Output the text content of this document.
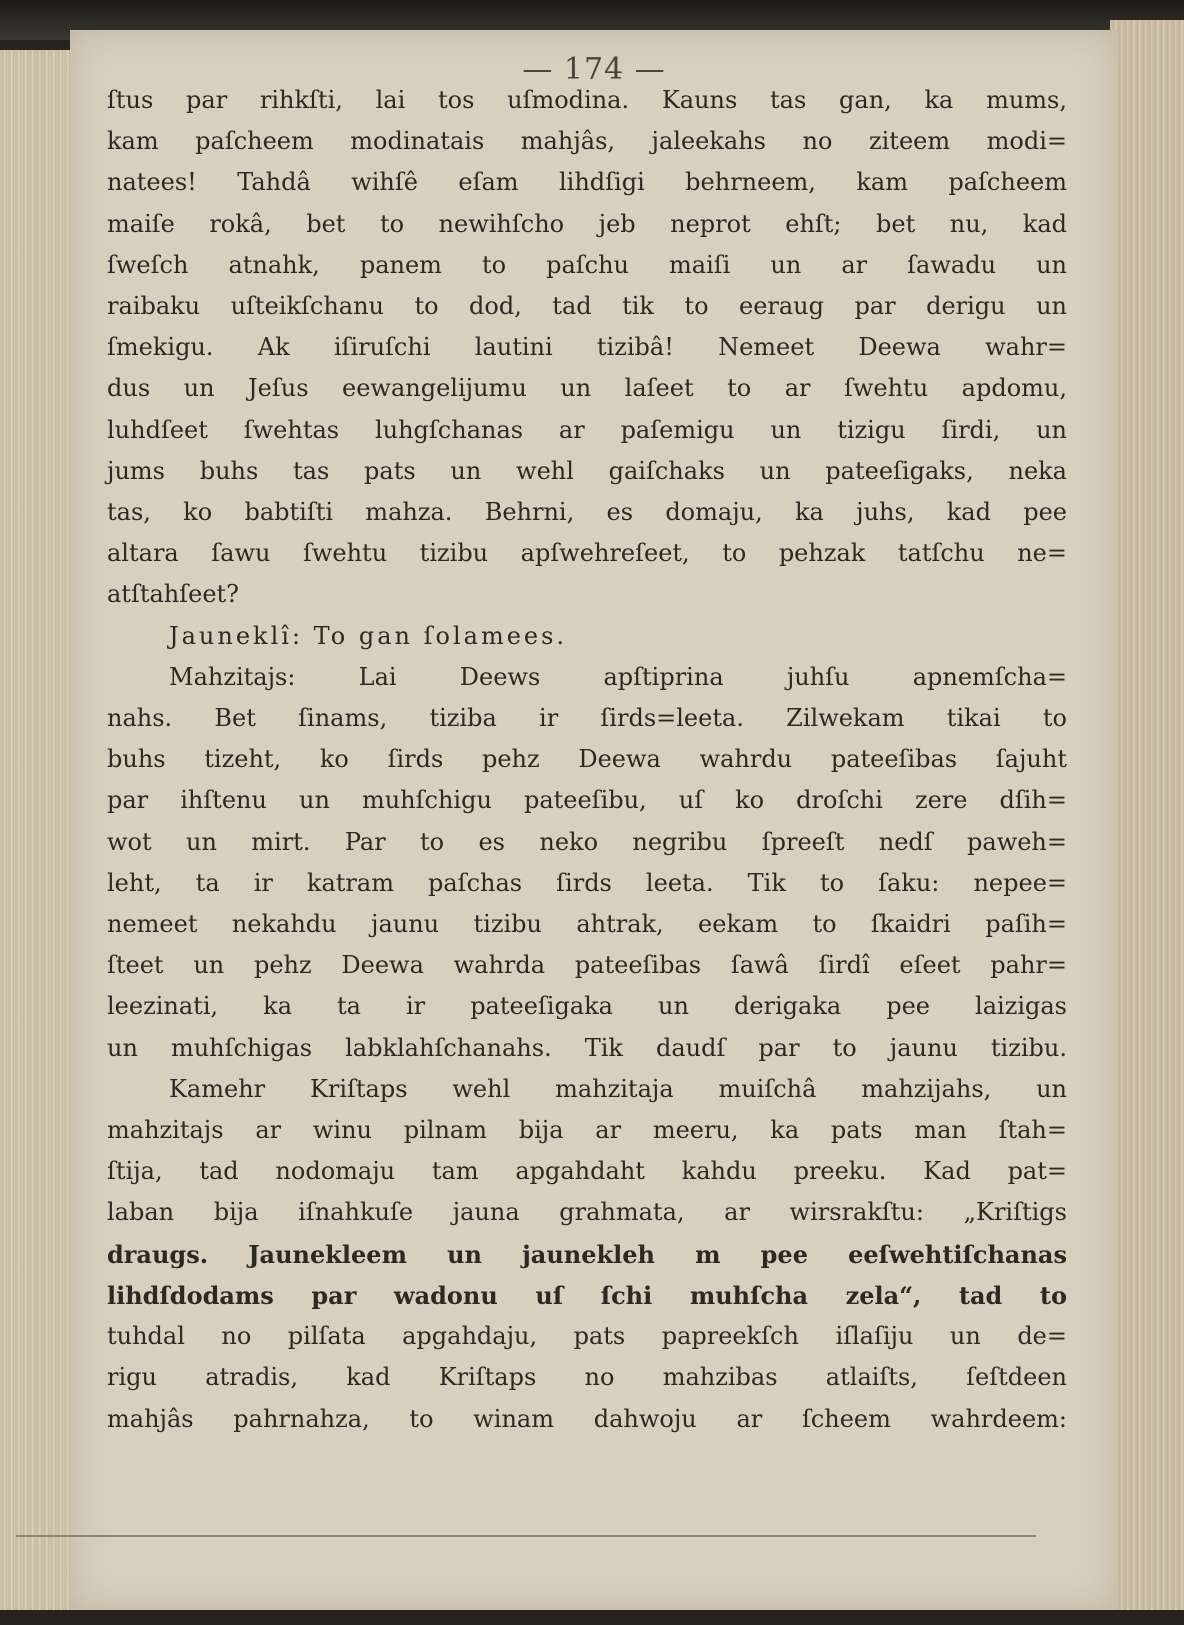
— 174 —
ſtus par rihkſti, lai tos uſmodina. Kauns tas gan, ka mums,
kam paſcheem modinatais mahjâs, jaleekahs no ziteem modi=
natees! Tahdâ wihſê eſam lihdſigi behrneem, kam paſcheem
maiſe rokâ, bet to newihſcho jeb neprot ehſt; bet nu, kad
ſweſch atnahk, panem to paſchu maiſi un ar ſawadu un
raibaku uſteikſchanu to dod, tad tik to eeraug par derigu un
ſmekigu. Ak iſiruſchi lautini tizibâ! Nemeet Deewa wahr=
dus un Jeſus eewangelijumu un laſeet to ar ſwehtu apdomu,
luhdſeet ſwehtas luhgſchanas ar paſemigu un tizigu ſirdi, un
jums buhs tas pats un wehl gaiſchaks un pateeſigaks, neka
tas, ko babtiſti mahza. Behrni, es domaju, ka juhs, kad pee
altara ſawu ſwehtu tizibu apſwehreſeet, to pehzak tatſchu ne=
atſtahſeet?
Jauneklî: To gan ſolamees.
Mahzitajs: Lai Deews apſtiprina juhſu apnemſcha=
nahs. Bet ſinams, tiziba ir ſirds=leeta. Zilwekam tikai to
buhs tizeht, ko ſirds pehz Deewa wahrdu pateeſibas ſajuht
par ihſtenu un muhſchigu pateeſibu, uſ ko droſchi zere dſih=
wot un mirt. Par to es neko negribu ſpreeſt nedſ paweh=
leht, ta ir katram paſchas ſirds leeta. Tik to ſaku: nepee=
nemeet nekahdu jaunu tizibu ahtrak, eekam to ſkaidri paſih=
ſteet un pehz Deewa wahrda pateeſibas ſawâ ſirdî eſeet pahr=
leezinati, ka ta ir pateeſigaka un derigaka pee laizigas
un muhſchigas labklahſchanahs. Tik daudſ par to jaunu tizibu.
Kamehr Kriſtaps wehl mahzitaja muiſchâ mahzijahs, un
mahzitajs ar winu pilnam bija ar meeru, ka pats man ſtah=
ſtija, tad nodomaju tam apgahdaht kahdu preeku. Kad pat=
laban bija iſnahkuſe jauna grahmata, ar wirsrakſtu: „Kriſtigs
draugs. Jaunekleem un jaunekleh m pee eeſwehtiſchanas
lihdſdodams par wadonu uſ ſchi muhſcha zela“, tad to
tuhdal no pilſata apgahdaju, pats papreekſch iſlaſiju un de=
rigu atradis, kad Kriſtaps no mahzibas atlaiſts, ſeſtdeen
mahjâs pahrnahza, to winam dahwoju ar ſcheem wahrdeem:
